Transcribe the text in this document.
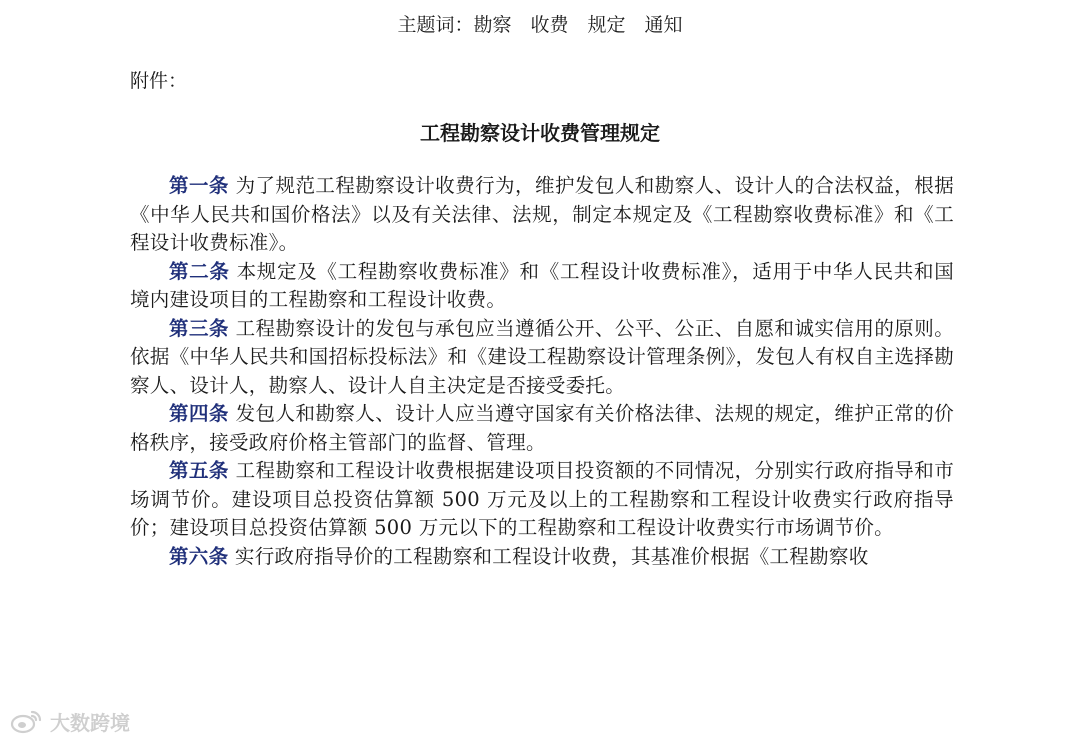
主题词：勘察　收费　规定　通知
附件：
工程勘察设计收费管理规定

第一条 为了规范工程勘察设计收费行为，维护发包人和勘察人、设计人的合法权益，根据《中华人民共和国价格法》以及有关法律、法规，制定本规定及《工程勘察收费标准》和《工程设计收费标准》。

第二条 本规定及《工程勘察收费标准》和《工程设计收费标准》，适用于中华人民共和国境内建设项目的工程勘察和工程设计收费。

第三条 工程勘察设计的发包与承包应当遵循公开、公平、公正、自愿和诚实信用的原则。 依据《中华人民共和国招标投标法》和《建设工程勘察设计管理条例》，发包人有权自主选择勘察人、设计人，勘察人、设计人自主决定是否接受委托。

第四条 发包人和勘察人、设计人应当遵守国家有关价格法律、法规的规定，维护正常的价格秩序，接受政府价格主管部门的监督、管理。

第五条 工程勘察和工程设计收费根据建设项目投资额的不同情况，分别实行政府指导和市场调节价。建设项目总投资估算额 500 万元及以上的工程勘察和工程设计收费实行政府指导价；建设项目总投资估算额 500 万元以下的工程勘察和工程设计收费实行市场调节价。

第六条 实行政府指导价的工程勘察和工程设计收费，其基准价根据《工程勘察收

大数跨境
